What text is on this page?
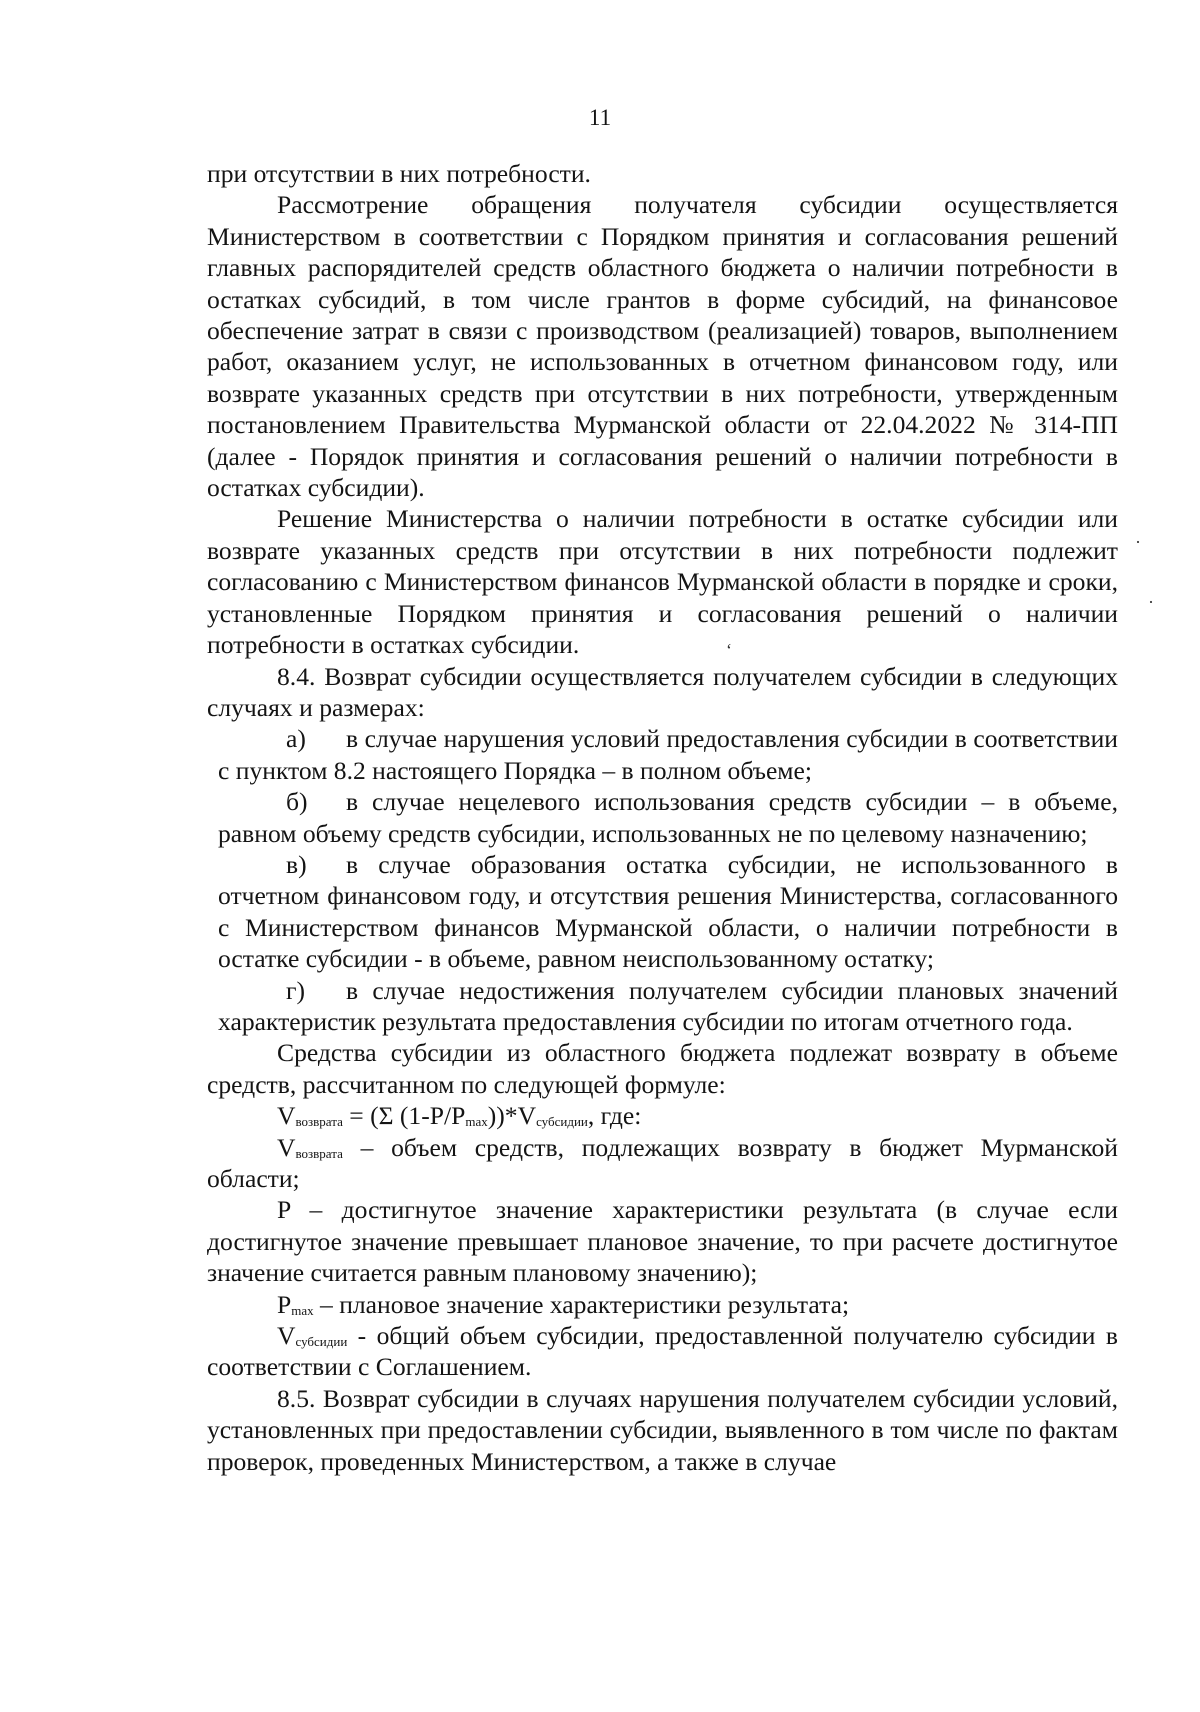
11

при отсутствии в них потребности.

Рассмотрение обращения получателя субсидии осуществляется Министерством в соответствии с Порядком принятия и согласования решений главных распорядителей средств областного бюджета о наличии потребности в остатках субсидий, в том числе грантов в форме субсидий, на финансовое обеспечение затрат в связи с производством (реализацией) товаров, выполнением работ, оказанием услуг, не использованных в отчетном финансовом году, или возврате указанных средств при отсутствии в них потребности, утвержденным постановлением Правительства Мурманской области от 22.04.2022 № 314-ПП (далее - Порядок принятия и согласования решений о наличии потребности в остатках субсидии).

Решение Министерства о наличии потребности в остатке субсидии или возврате указанных средств при отсутствии в них потребности подлежит согласованию с Министерством финансов Мурманской области в порядке и сроки, установленные Порядком принятия и согласования решений о наличии потребности в остатках субсидии.

8.4. Возврат субсидии осуществляется получателем субсидии в следующих случаях и размерах:

а) в случае нарушения условий предоставления субсидии в соответствии с пунктом 8.2 настоящего Порядка – в полном объеме;

б) в случае нецелевого использования средств субсидии – в объеме, равном объему средств субсидии, использованных не по целевому назначению;

в) в случае образования остатка субсидии, не использованного в отчетном финансовом году, и отсутствия решения Министерства, согласованного с Министерством финансов Мурманской области, о наличии потребности в остатке субсидии - в объеме, равном неиспользованному остатку;

г) в случае недостижения получателем субсидии плановых значений характеристик результата предоставления субсидии по итогам отчетного года.

Средства субсидии из областного бюджета подлежат возврату в объеме средств, рассчитанном по следующей формуле:

$V_{возврата} = (\Sigma$ $(1-P/P_{max}))*V_{субсидии}$, где:

$V_{возврата}$ – объем средств, подлежащих возврату в бюджет Мурманской области;

P – достигнутое значение характеристики результата (в случае если достигнутое значение превышает плановое значение, то при расчете достигнутое значение считается равным плановому значению);

$P_{max}$ – плановое значение характеристики результата;

$V_{субсидии}$ - общий объем субсидии, предоставленной получателю субсидии в соответствии с Соглашением.

8.5. Возврат субсидии в случаях нарушения получателем субсидии условий, установленных при предоставлении субсидии, выявленного в том числе по фактам проверок, проведенных Министерством, а также в случае

·
·
ʻ
